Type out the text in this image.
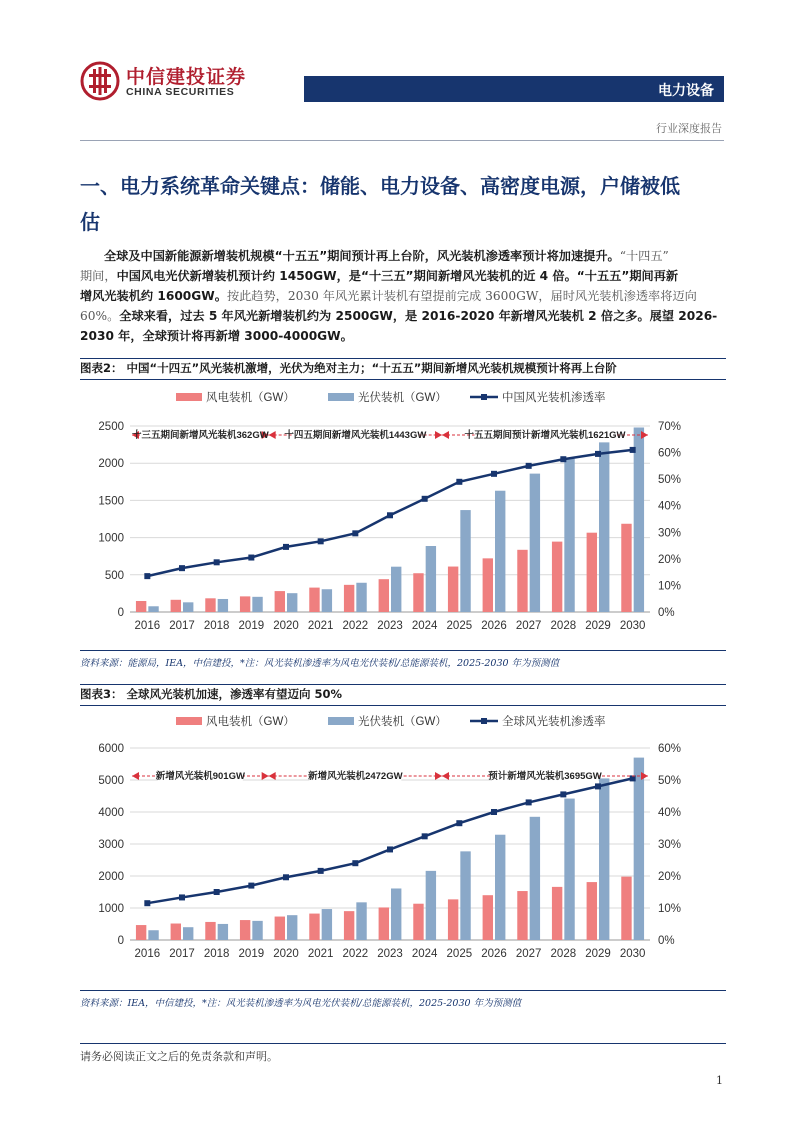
中信建投证券
CHINA SECURITIES	电力设备
行业深度报告
一、电力系统革命关键点：储能、电力设备、高密度电源，户储被低
估
全球及中国新能源新增装机规模“十五五”期间预计再上台阶，风光装机渗透率预计将加速提升。“十四五”
期间，中国风电光伏新增装机预计约 1450GW，是“十三五”期间新增风光装机的近 4 倍。“十五五”期间再新
增风光装机约 1600GW。按此趋势，2030 年风光累计装机有望提前完成 3600GW，届时风光装机渗透率将迈向
60%。全球来看，过去 5 年风光新增装机约为 2500GW，是 2016-2020 年新增风光装机 2 倍之多。展望 2026-
2030 年，全球预计将再新增 3000-4000GW。
图表2： 中国“十四五”风光装机激增，光伏为绝对主力；“十五五”期间新增风光装机规模预计将再上台阶
风电装机（GW）	光伏装机（GW）	中国风光装机渗透率
0
500
1000
1500
2000
2500
0%
10%
20%
30%
40%
50%
60%
70%
2016 2017 2018 2019 2020 2021 2022 2023 2024 2025 2026 2027 2028 2029 2030
十三五期间新增风光装机362GW 十四五期间新增风光装机1443GW	十五五期间预计新增风光装机1621GW
资料来源：能源局，IEA，中信建投，*注：风光装机渗透率为风电光伏装机/总能源装机，2025-2030 年为预测值
图表3： 全球风光装机加速，渗透率有望迈向 50%
风电装机（GW）	光伏装机（GW）	全球风光装机渗透率
0
1000
2000
3000
4000
5000
6000
0%
10%
20%
30%
40%
50%
60%
2016 2017 2018 2019 2020 2021 2022 2023 2024 2025 2026 2027 2028 2029 2030
新增风光装机901GW	新增风光装机2472GW	预计新增风光装机3695GW
资料来源：IEA，中信建投，*注：风光装机渗透率为风电光伏装机/总能源装机，2025-2030 年为预测值
请务必阅读正文之后的免责条款和声明。
1
